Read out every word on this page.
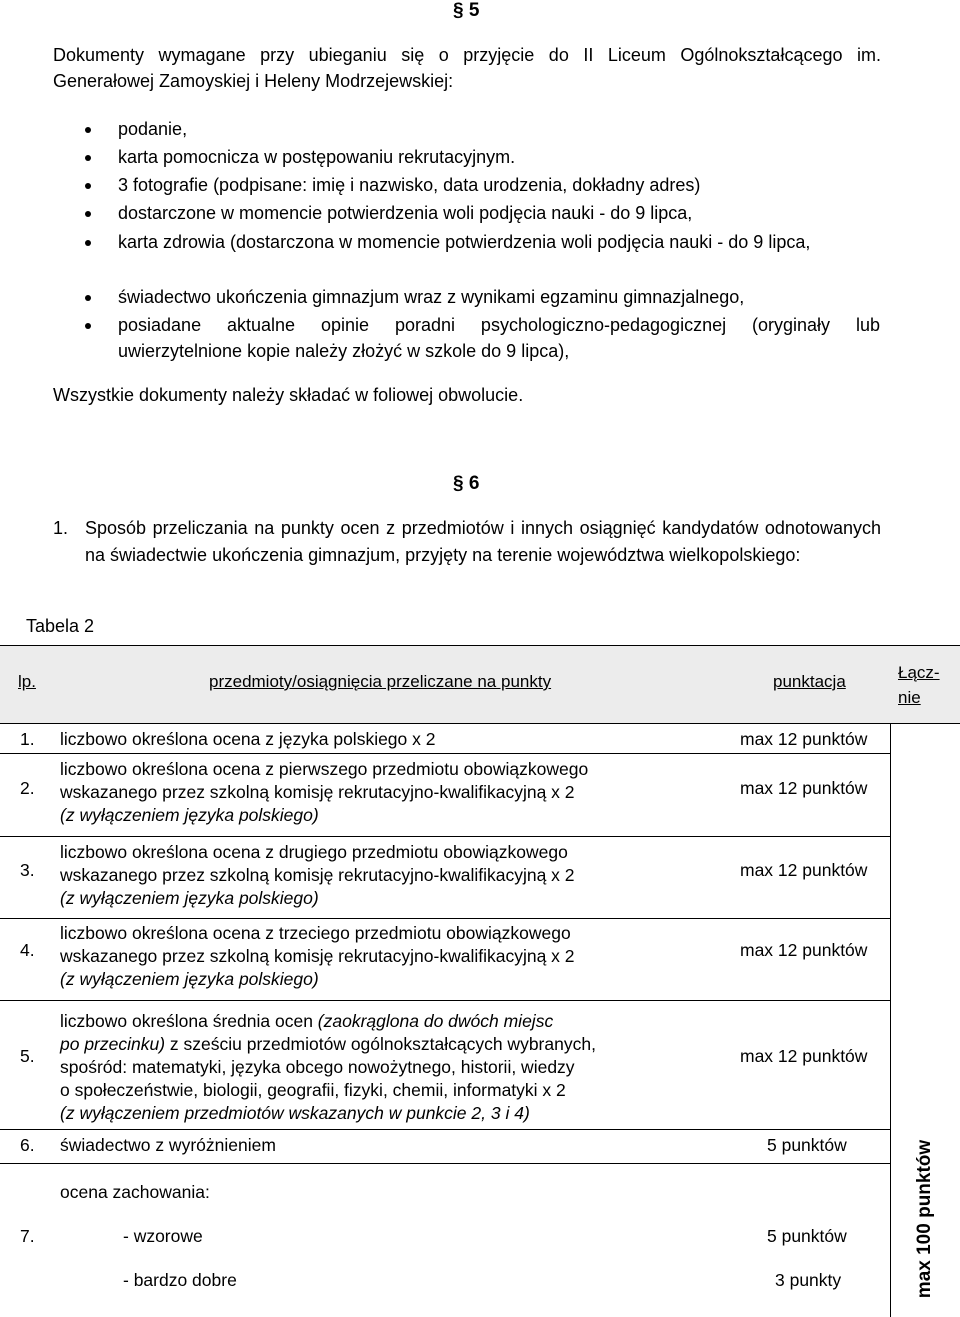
§ 5
Dokumenty wymagane przy ubieganiu się o przyjęcie do II Liceum Ogólnokształcącego im. Generałowej Zamoyskiej i Heleny Modrzejewskiej:
podanie,
karta pomocnicza w postępowaniu rekrutacyjnym.
3 fotografie (podpisane: imię i nazwisko, data urodzenia, dokładny adres)
dostarczone w momencie potwierdzenia woli podjęcia nauki - do 9 lipca,
karta zdrowia (dostarczona w momencie potwierdzenia woli podjęcia nauki - do 9 lipca,
świadectwo ukończenia gimnazjum wraz z wynikami egzaminu gimnazjalnego,
posiadane aktualne opinie poradni psychologiczno-pedagogicznej (oryginały lub uwierzytelnione kopie należy złożyć w szkole do 9 lipca),
Wszystkie dokumenty należy składać w foliowej obwolucie.
§ 6
1. Sposób przeliczania na punkty ocen z przedmiotów i innych osiągnięć kandydatów odnotowanych na świadectwie ukończenia gimnazjum, przyjęty na terenie województwa wielkopolskiego:
Tabela 2
lp.	przedmioty/osiągnięcia przeliczane na punkty	punktacja	Łącz-
nie
1. liczbowo określona ocena z języka polskiego x 2	max 12 punktów
2.
liczbowo określona ocena z pierwszego przedmiotu obowiązkowego
wskazanego przez szkolną komisję rekrutacyjno-kwalifikacyjną x 2
(z wyłączeniem języka polskiego)
max 12 punktów
3.
liczbowo określona ocena z drugiego przedmiotu obowiązkowego
wskazanego przez szkolną komisję rekrutacyjno-kwalifikacyjną x 2
(z wyłączeniem języka polskiego)
max 12 punktów
4.
liczbowo określona ocena z trzeciego przedmiotu obowiązkowego
wskazanego przez szkolną komisję rekrutacyjno-kwalifikacyjną x 2
(z wyłączeniem języka polskiego)
max 12 punktów
5.
liczbowo określona średnia ocen (zaokrąglona do dwóch miejsc
po przecinku) z sześciu przedmiotów ogólnokształcących wybranych,
spośród: matematyki, języka obcego nowożytnego, historii, wiedzy
o społeczeństwie, biologii, geografii, fizyki, chemii, informatyki x 2
(z wyłączeniem przedmiotów wskazanych w punkcie 2, 3 i 4)
max 12 punktów
6. świadectwo z wyróżnieniem	5 punktów
7.
ocena zachowania:
- wzorowe	5 punktów
- bardzo dobre	3 punkty	max 100 punktów
